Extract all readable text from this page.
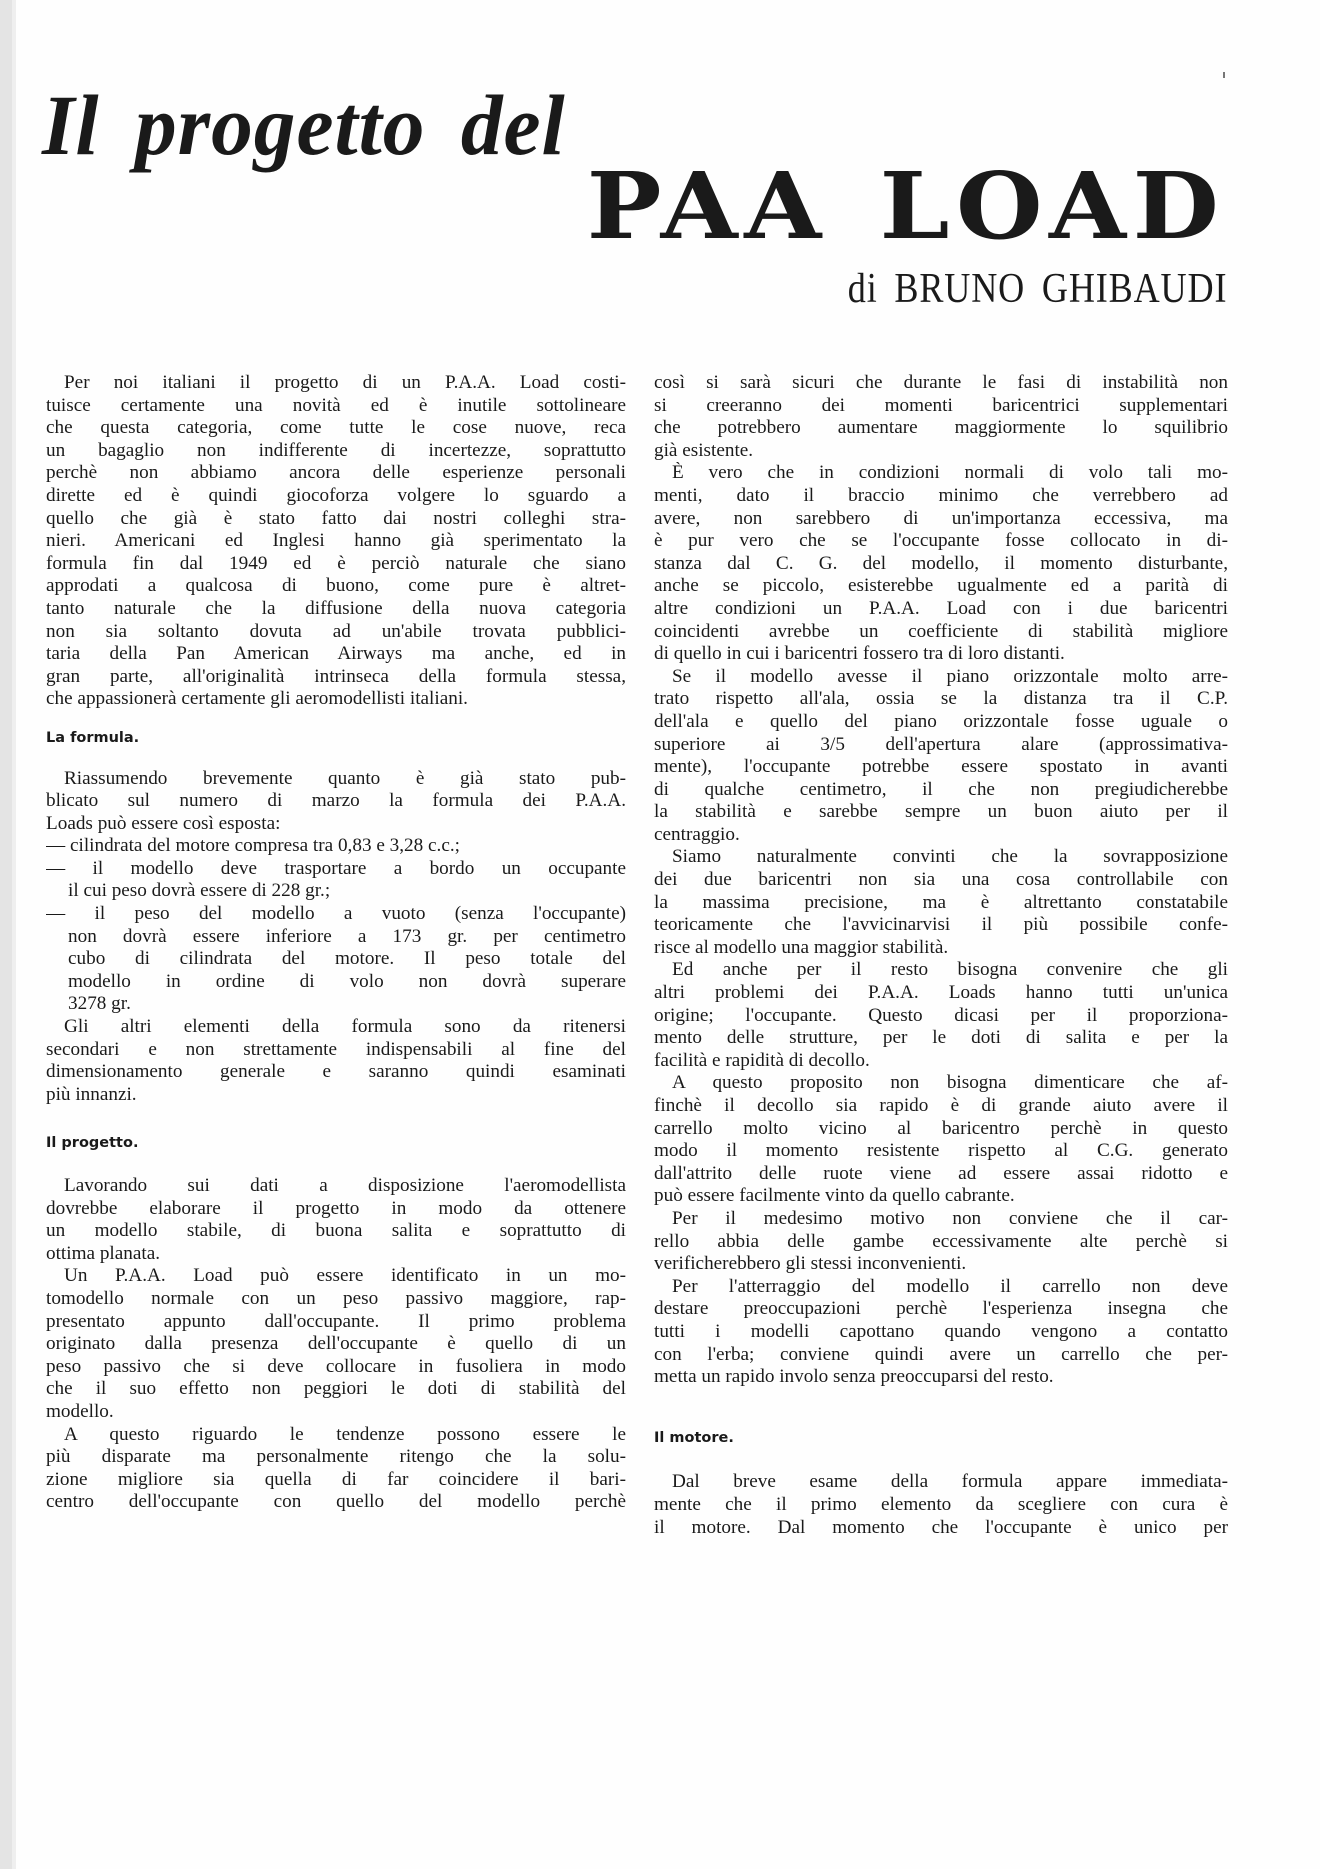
Il progetto del
PAA LOAD
di BRUNO GHIBAUDI
Per noi italiani il progetto di un P.A.A. Load costi-
tuisce certamente una novità ed è inutile sottolineare
che questa categoria, come tutte le cose nuove, reca
un bagaglio non indifferente di incertezze, soprattutto
perchè non abbiamo ancora delle esperienze personali
dirette ed è quindi giocoforza volgere lo sguardo a
quello che già è stato fatto dai nostri colleghi stra-
nieri. Americani ed Inglesi hanno già sperimentato la
formula fin dal 1949 ed è perciò naturale che siano
approdati a qualcosa di buono, come pure è altret-
tanto naturale che la diffusione della nuova categoria
non sia soltanto dovuta ad un'abile trovata pubblici-
taria della Pan American Airways ma anche, ed in
gran parte, all'originalità intrinseca della formula stessa,
che appassionerà certamente gli aeromodellisti italiani.
La formula.
Riassumendo brevemente quanto è già stato pub-
blicato sul numero di marzo la formula dei P.A.A.
Loads può essere così esposta:
— cilindrata del motore compresa tra 0,83 e 3,28 c.c.;
— il modello deve trasportare a bordo un occupante
il cui peso dovrà essere di 228 gr.;
— il peso del modello a vuoto (senza l'occupante)
non dovrà essere inferiore a 173 gr. per centimetro
cubo di cilindrata del motore. Il peso totale del
modello in ordine di volo non dovrà superare
3278 gr.
Gli altri elementi della formula sono da ritenersi
secondari e non strettamente indispensabili al fine del
dimensionamento generale e saranno quindi esaminati
più innanzi.
Il progetto.
Lavorando sui dati a disposizione l'aeromodellista
dovrebbe elaborare il progetto in modo da ottenere
un modello stabile, di buona salita e soprattutto di
ottima planata.
Un P.A.A. Load può essere identificato in un mo-
tomodello normale con un peso passivo maggiore, rap-
presentato appunto dall'occupante. Il primo problema
originato dalla presenza dell'occupante è quello di un
peso passivo che si deve collocare in fusoliera in modo
che il suo effetto non peggiori le doti di stabilità del
modello.
A questo riguardo le tendenze possono essere le
più disparate ma personalmente ritengo che la solu-
zione migliore sia quella di far coincidere il bari-
centro dell'occupante con quello del modello perchè
così si sarà sicuri che durante le fasi di instabilità non
si creeranno dei momenti baricentrici supplementari
che potrebbero aumentare maggiormente lo squilibrio
già esistente.
È vero che in condizioni normali di volo tali mo-
menti, dato il braccio minimo che verrebbero ad
avere, non sarebbero di un'importanza eccessiva, ma
è pur vero che se l'occupante fosse collocato in di-
stanza dal C. G. del modello, il momento disturbante,
anche se piccolo, esisterebbe ugualmente ed a parità di
altre condizioni un P.A.A. Load con i due baricentri
coincidenti avrebbe un coefficiente di stabilità migliore
di quello in cui i baricentri fossero tra di loro distanti.
Se il modello avesse il piano orizzontale molto arre-
trato rispetto all'ala, ossia se la distanza tra il C.P.
dell'ala e quello del piano orizzontale fosse uguale o
superiore ai 3/5 dell'apertura alare (approssimativa-
mente), l'occupante potrebbe essere spostato in avanti
di qualche centimetro, il che non pregiudicherebbe
la stabilità e sarebbe sempre un buon aiuto per il
centraggio.
Siamo naturalmente convinti che la sovrapposizione
dei due baricentri non sia una cosa controllabile con
la massima precisione, ma è altrettanto constatabile
teoricamente che l'avvicinarvisi il più possibile confe-
risce al modello una maggior stabilità.
Ed anche per il resto bisogna convenire che gli
altri problemi dei P.A.A. Loads hanno tutti un'unica
origine; l'occupante. Questo dicasi per il proporziona-
mento delle strutture, per le doti di salita e per la
facilità e rapidità di decollo.
A questo proposito non bisogna dimenticare che af-
finchè il decollo sia rapido è di grande aiuto avere il
carrello molto vicino al baricentro perchè in questo
modo il momento resistente rispetto al C.G. generato
dall'attrito delle ruote viene ad essere assai ridotto e
può essere facilmente vinto da quello cabrante.
Per il medesimo motivo non conviene che il car-
rello abbia delle gambe eccessivamente alte perchè si
verificherebbero gli stessi inconvenienti.
Per l'atterraggio del modello il carrello non deve
destare preoccupazioni perchè l'esperienza insegna che
tutti i modelli capottano quando vengono a contatto
con l'erba; conviene quindi avere un carrello che per-
metta un rapido involo senza preoccuparsi del resto.
Il motore.
Dal breve esame della formula appare immediata-
mente che il primo elemento da scegliere con cura è
il motore. Dal momento che l'occupante è unico per
